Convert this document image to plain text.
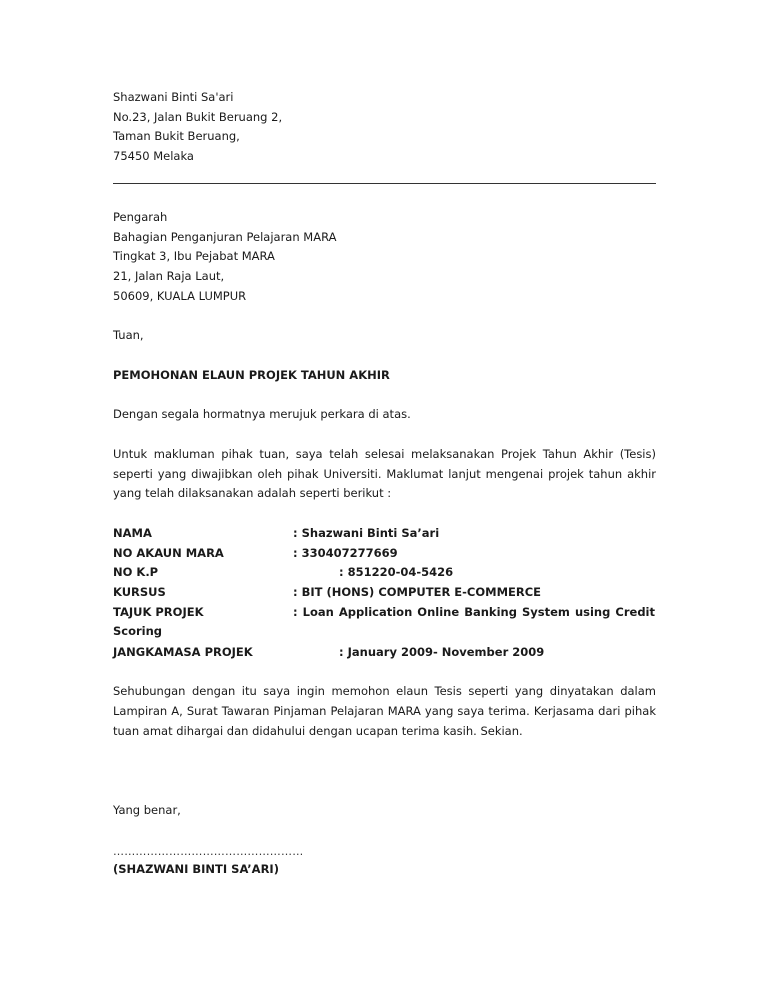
Shazwani Binti Sa'ari
No.23, Jalan Bukit Beruang 2,
Taman Bukit Beruang,
75450 Melaka
Pengarah
Bahagian Penganjuran Pelajaran MARA
Tingkat 3, Ibu Pejabat MARA
21, Jalan Raja Laut,
50609, KUALA LUMPUR
Tuan,
PEMOHONAN ELAUN PROJEK TAHUN AKHIR
Dengan segala hormatnya merujuk perkara di atas.
Untuk makluman pihak tuan, saya telah selesai melaksanakan Projek Tahun Akhir (Tesis)
seperti yang diwajibkan oleh pihak Universiti. Maklumat lanjut mengenai projek tahun akhir
yang telah dilaksanakan adalah seperti berikut :
NAMA	: Shazwani Binti Sa’ari
NO AKAUN MARA	: 330407277669
NO K.P	: 851220-04-5426
KURSUS	: BIT (HONS) COMPUTER E-COMMERCE
TAJUK PROJEK	: Loan Application Online Banking System using Credit
Scoring
JANGKAMASA PROJEK	: January 2009- November 2009
Sehubungan dengan itu saya ingin memohon elaun Tesis seperti yang dinyatakan dalam
Lampiran A, Surat Tawaran Pinjaman Pelajaran MARA yang saya terima. Kerjasama dari pihak
tuan amat dihargai dan didahului dengan ucapan terima kasih. Sekian.
Yang benar,
……………………………………………
(SHAZWANI BINTI SA’ARI)
